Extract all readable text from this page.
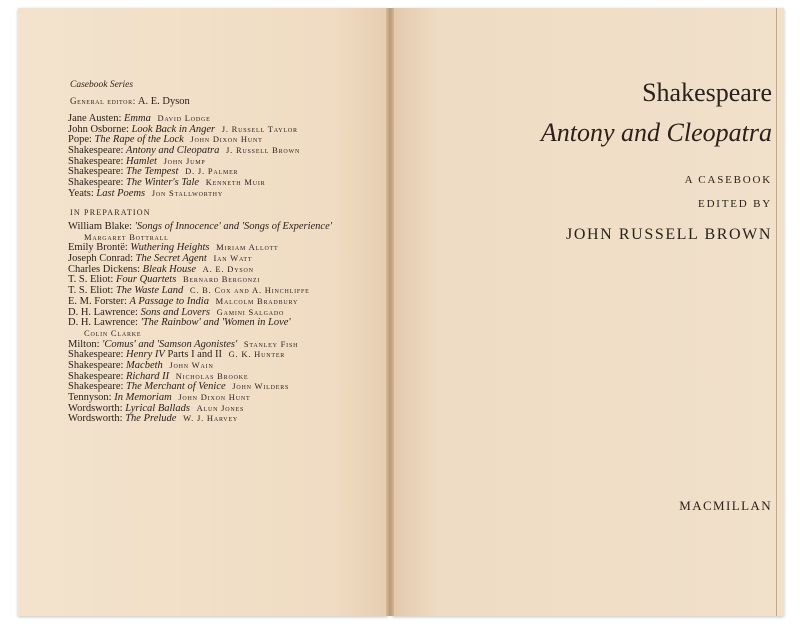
Casebook Series
General editor: A. E. Dyson
Jane Austen: Emma David Lodge
John Osborne: Look Back in Anger J. Russell Taylor
Pope: The Rape of the Lock John Dixon Hunt
Shakespeare: Antony and Cleopatra J. Russell Brown
Shakespeare: Hamlet John Jump
Shakespeare: The Tempest D. J. Palmer
Shakespeare: The Winter's Tale Kenneth Muir
Yeats: Last Poems Jon Stallworthy
IN PREPARATION
William Blake: 'Songs of Innocence' and 'Songs of Experience'
Margaret Bottrall
Emily Brontë: Wuthering Heights Miriam Allott
Joseph Conrad: The Secret Agent Ian Watt
Charles Dickens: Bleak House A. E. Dyson
T. S. Eliot: Four Quartets Bernard Bergonzi
T. S. Eliot: The Waste Land C. B. Cox and A. Hinchliffe
E. M. Forster: A Passage to India Malcolm Bradbury
D. H. Lawrence: Sons and Lovers Gamini Salgado
D. H. Lawrence: 'The Rainbow' and 'Women in Love'
Colin Clarke
Milton: 'Comus' and 'Samson Agonistes' Stanley Fish
Shakespeare: Henry IV Parts I and II G. K. Hunter
Shakespeare: Macbeth John Wain
Shakespeare: Richard II Nicholas Brooke
Shakespeare: The Merchant of Venice John Wilders
Tennyson: In Memoriam John Dixon Hunt
Wordsworth: Lyrical Ballads Alun Jones
Wordsworth: The Prelude W. J. Harvey
Shakespeare
Antony and Cleopatra
A CASEBOOK
EDITED BY
JOHN RUSSELL BROWN
MACMILLAN
